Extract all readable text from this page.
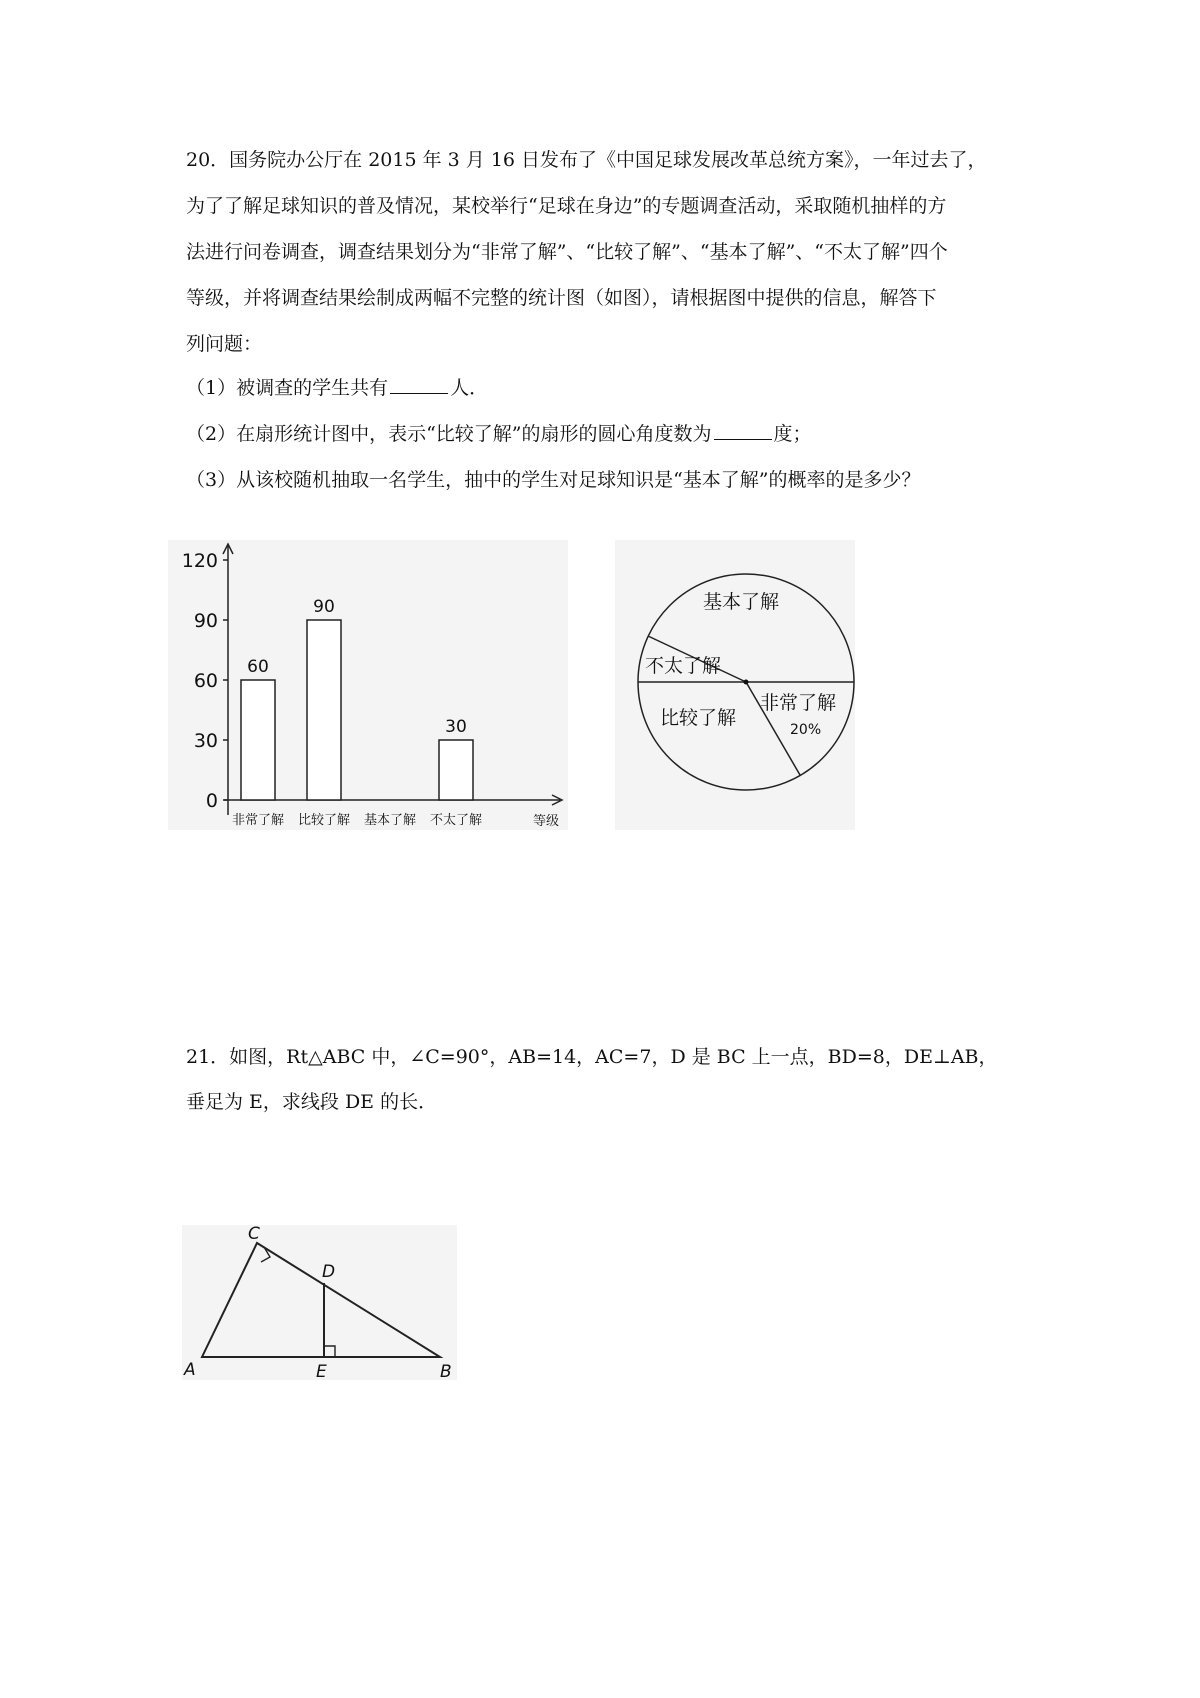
20．国务院办公厅在 2015 年 3 月 16 日发布了《中国足球发展改革总统方案》，一年过去了，
为了了解足球知识的普及情况，某校举行“足球在身边”的专题调查活动，采取随机抽样的方
法进行问卷调查，调查结果划分为“非常了解”、“比较了解”、“基本了解”、“不太了解”四个
等级，并将调查结果绘制成两幅不完整的统计图（如图），请根据图中提供的信息，解答下
列问题：
（1）被调查的学生共有	人．
（2）在扇形统计图中，表示“比较了解”的扇形的圆心角度数为	度；
（3）从该校随机抽取一名学生，抽中的学生对足球知识是“基本了解”的概率的是多少？
0
30
60
90
120
60
90
30
非常了解 比较了解 基本了解 不太了解	等级
基本了解
不太了解
比较了解
非常了解
20%
21．如图，Rt△ABC 中，∠C=90°，AB=14，AC=7，D 是 BC 上一点，BD=8，DE⊥AB，
垂足为 E，求线段 DE 的长．
C
D
A	E	B
